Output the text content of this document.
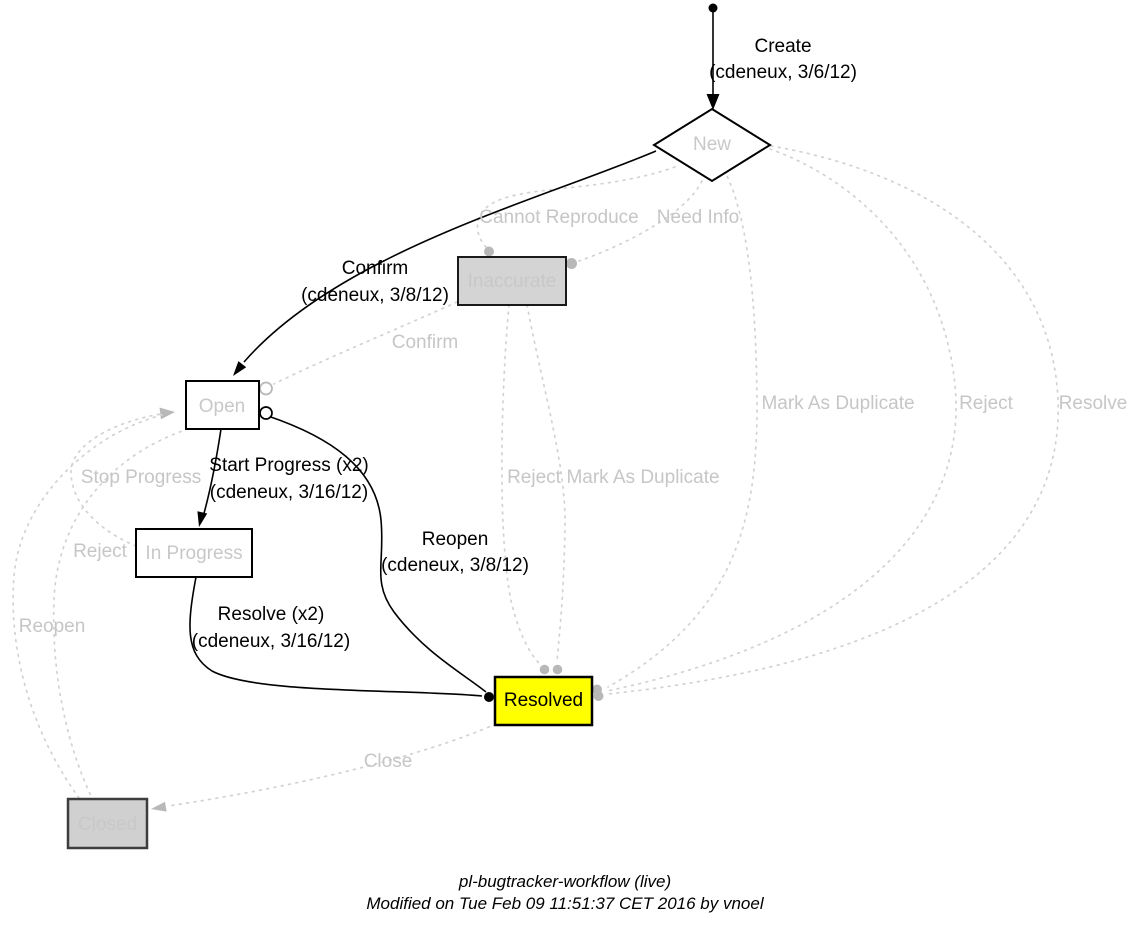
New
Inaccurate
Open
In Progress
Resolved
Closed
Create
(cdeneux, 3/6/12)
Confirm
(cdeneux, 3/8/12)
Start Progress (x2)
(cdeneux, 3/16/12)
Resolve (x2)
(cdeneux, 3/16/12)
Reopen
(cdeneux, 3/8/12)
Cannot Reproduce Need Info
Confirm
Mark As Duplicate Reject Resolve
Reject Mark As Duplicate
Stop Progress
Reject
Reopen
Close
pl-bugtracker-workflow (live)
Modified on Tue Feb 09 11:51:37 CET 2016 by vnoel
